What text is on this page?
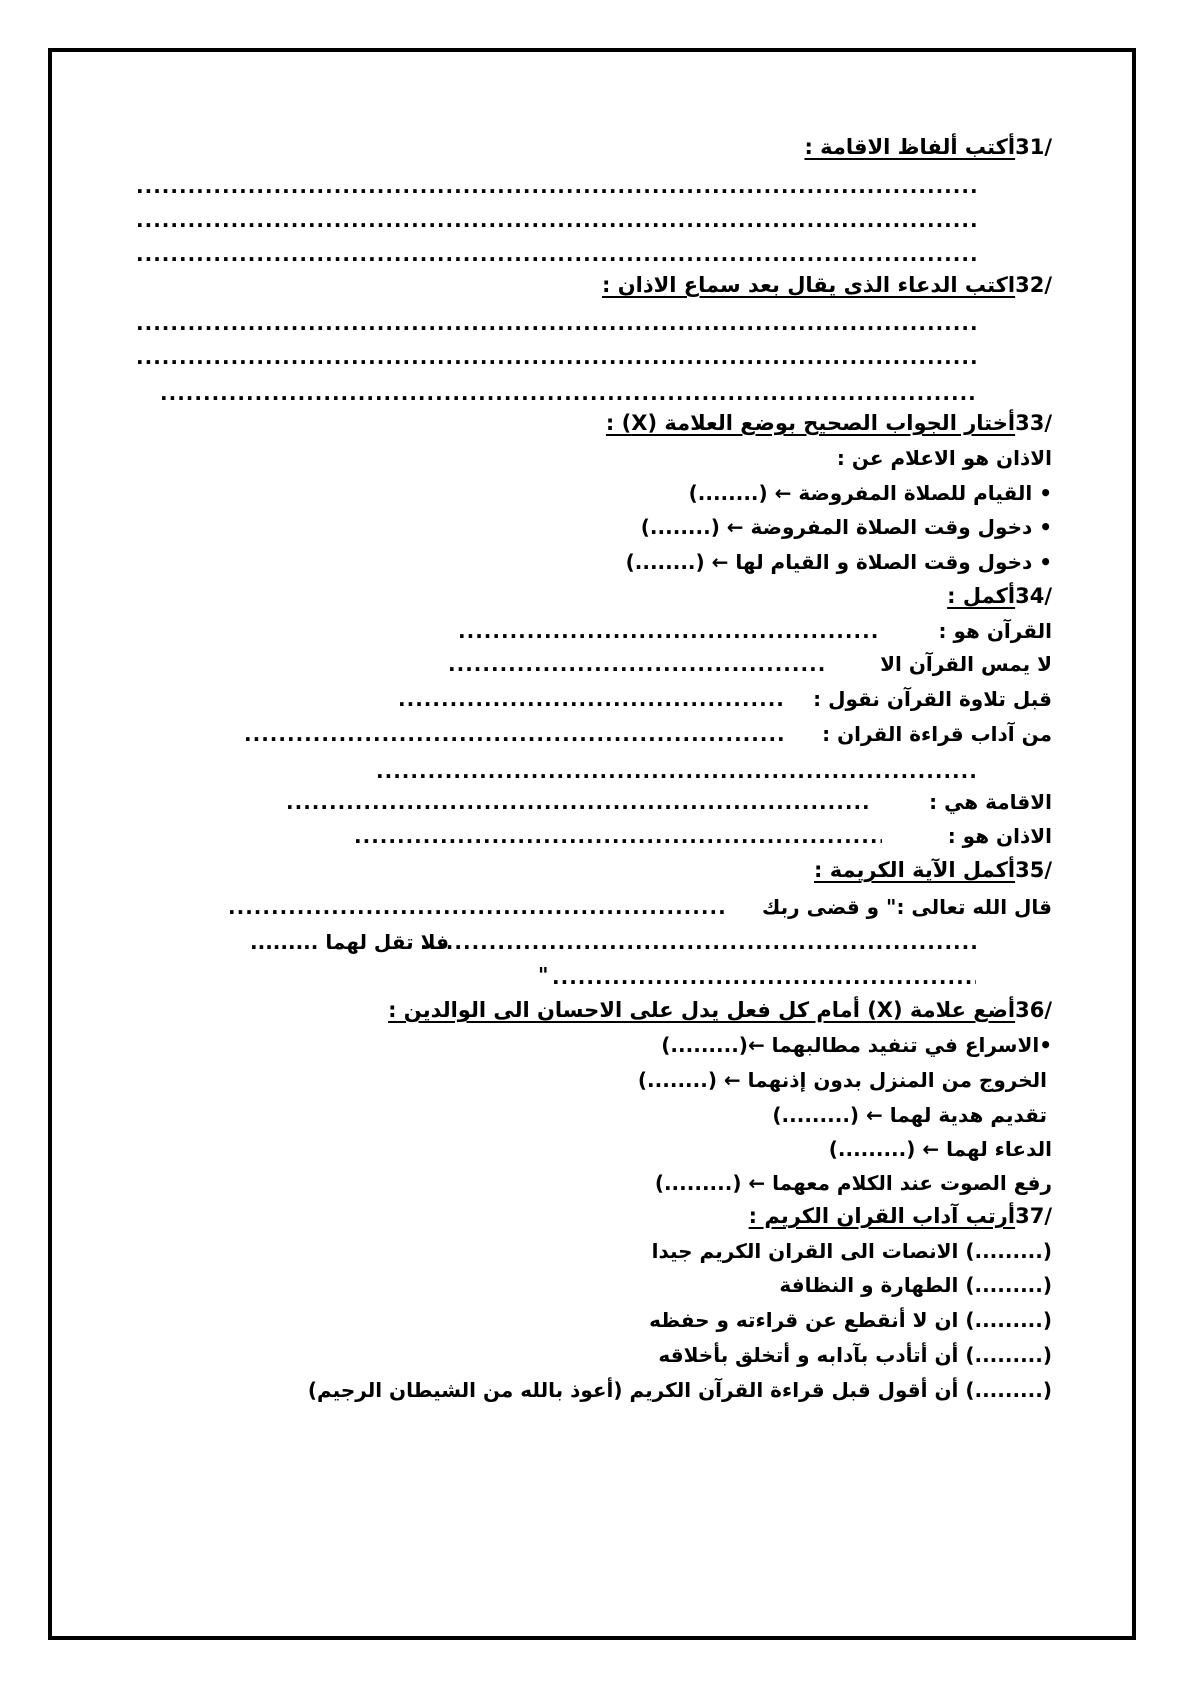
31/أكتب ألفاظ الاقامة :
.....
.....
.....
32/اكتب الدعاء الذى يقال بعد سماع الاذان :
.....
.....
.....
33/أختار الجواب الصحيح بوضع العلامة (X) :
الاذان هو الاعلام عن :
• القيام للصلاة المفروضة ← (........)
• دخول وقت الصلاة المفروضة ← (........)
• دخول وقت الصلاة و القيام لها ← (........)
34/أكمل :
القرآن هو :
.....
لا يمس القرآن الا
.....
قبل تلاوة القرآن نقول :
.....
من آداب قراءة القران :
.....
.....
الاقامة هي :
.....
الاذان هو :
.....
35/أكمل الآية الكريمة :
قال الله تعالى :" و قضى ربك
.....
.....
فلا تقل لهما .........
.....
"
36/أضع علامة (X) أمام كل فعل يدل على الاحسان الى الوالدين :
•الاسراع في تنفيد مطالبهما ←(.........)
الخروج من المنزل بدون إذنهما ← (........)
تقديم هدية لهما ← (.........)
الدعاء لهما ← (.........)
رفع الصوت عند الكلام معهما ← (.........)
37/أرتب آداب القران الكريم :
(.........) الانصات الى القران الكريم جيدا
(.........) الطهارة و النظافة
(.........) ان لا أنقطع عن قراءته و حفظه
(.........) أن أتأدب بآدابه و أتخلق بأخلاقه
(.........) أن أقول قبل قراءة القرآن الكريم (أعوذ بالله من الشيطان الرجيم)
